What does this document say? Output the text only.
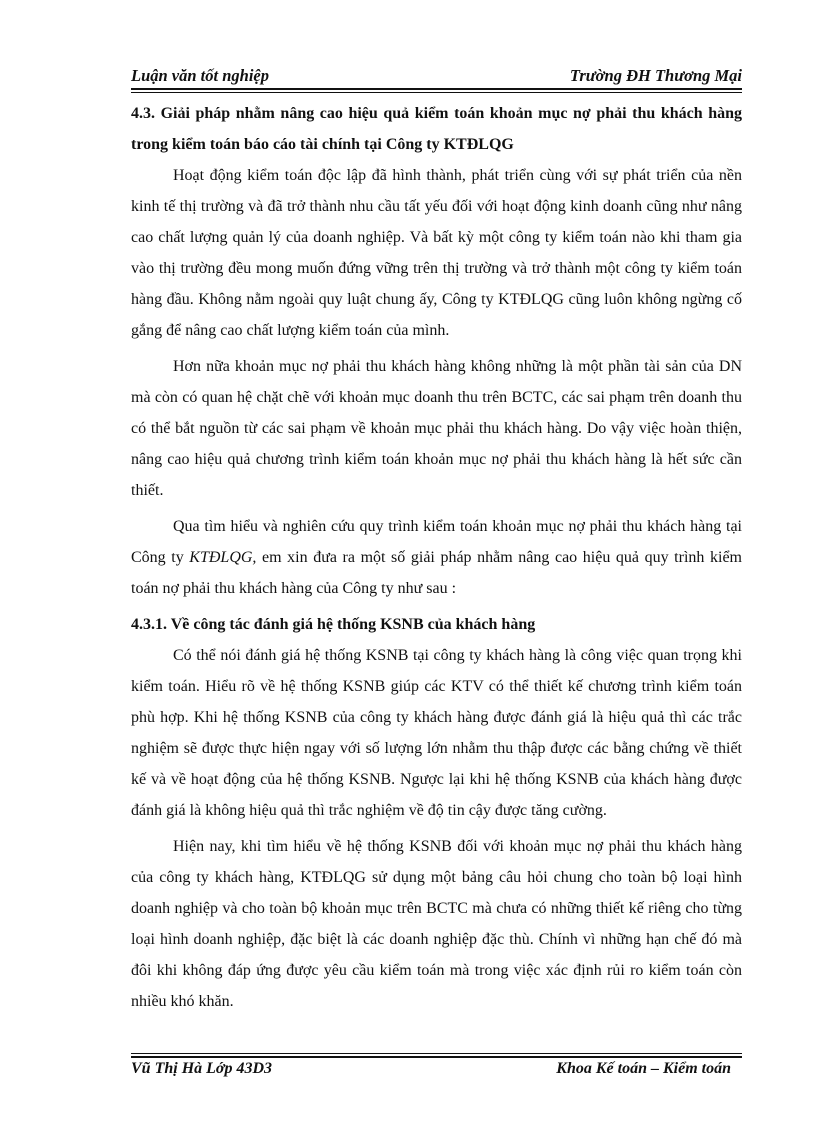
Luận văn tốt nghiệp	Trường ĐH Thương Mại

4.3. Giải pháp nhằm nâng cao hiệu quả kiểm toán khoản mục nợ phải thu khách hàng trong kiểm toán báo cáo tài chính tại Công ty KTĐLQG

Hoạt động kiểm toán độc lập đã hình thành, phát triển cùng với sự phát triển của nền kinh tế thị trường và đã trở thành nhu cầu tất yếu đối với hoạt động kinh doanh cũng như nâng cao chất lượng quản lý của doanh nghiệp. Và bất kỳ một công ty kiểm toán nào khi tham gia vào thị trường đều mong muốn đứng vững trên thị trường và trở thành một công ty kiểm toán hàng đầu. Không nằm ngoài quy luật chung ấy, Công ty KTĐLQG cũng luôn không ngừng cố gắng để nâng cao chất lượng kiểm toán của mình.

Hơn nữa khoản mục nợ phải thu khách hàng không những là một phần tài sản của DN mà còn có quan hệ chặt chẽ với khoản mục doanh thu trên BCTC, các sai phạm trên doanh thu có thể bắt nguồn từ các sai phạm về khoản mục phải thu khách hàng. Do vậy việc hoàn thiện, nâng cao hiệu quả chương trình kiểm toán khoản mục nợ phải thu khách hàng là hết sức cần thiết.

Qua tìm hiểu và nghiên cứu quy trình kiểm toán khoản mục nợ phải thu khách hàng tại Công ty KTĐLQG, em xin đưa ra một số giải pháp nhằm nâng cao hiệu quả quy trình kiểm toán nợ phải thu khách hàng của Công ty như sau :

4.3.1. Về công tác đánh giá hệ thống KSNB của khách hàng

Có thể nói đánh giá hệ thống KSNB tại công ty khách hàng là công việc quan trọng khi kiểm toán. Hiểu rõ về hệ thống KSNB giúp các KTV có thể thiết kế chương trình kiểm toán phù hợp. Khi hệ thống KSNB của công ty khách hàng được đánh giá là hiệu quả thì các trắc nghiệm sẽ được thực hiện ngay với số lượng lớn nhằm thu thập được các bằng chứng về thiết kế và về hoạt động của hệ thống KSNB. Ngược lại khi hệ thống KSNB của khách hàng được đánh giá là không hiệu quả thì trắc nghiệm về độ tin cậy được tăng cường.

Hiện nay, khi tìm hiểu về hệ thống KSNB đối với khoản mục nợ phải thu khách hàng của công ty khách hàng, KTĐLQG sử dụng một bảng câu hỏi chung cho toàn bộ loại hình doanh nghiệp và cho toàn bộ khoản mục trên BCTC mà chưa có những thiết kế riêng cho từng loại hình doanh nghiệp, đặc biệt là các doanh nghiệp đặc thù. Chính vì những hạn chế đó mà đôi khi không đáp ứng được yêu cầu kiểm toán mà trong việc xác định rủi ro kiểm toán còn nhiều khó khăn.

Vũ Thị Hà Lớp 43D3	Khoa Kế toán – Kiểm toán
